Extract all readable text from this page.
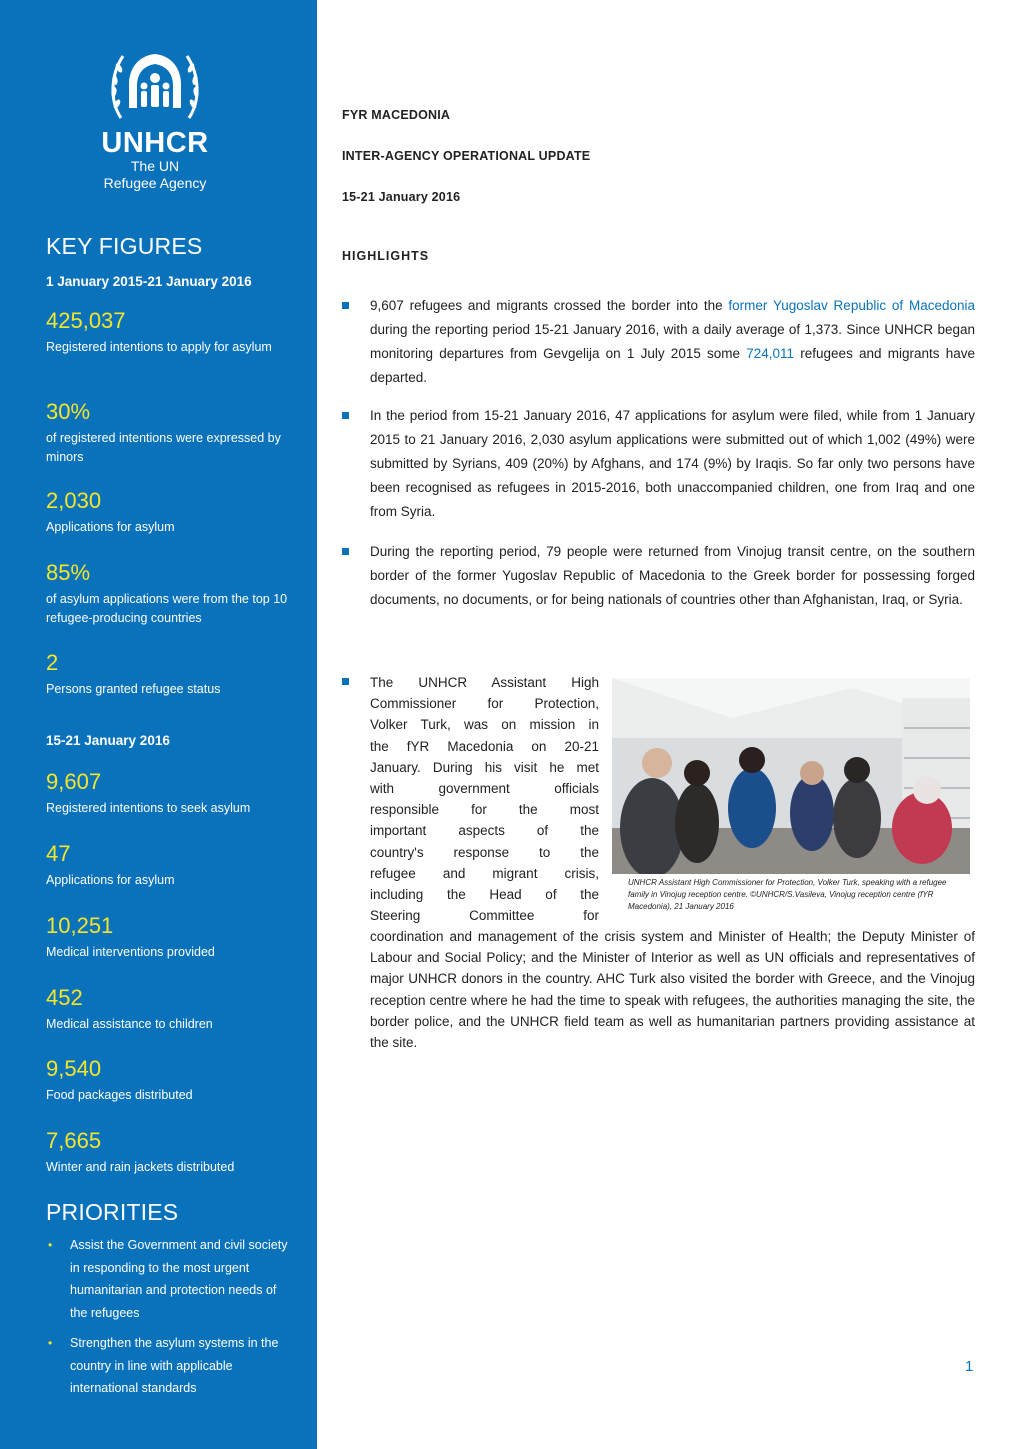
UNHCR
The UN
Refugee Agency
KEY FIGURES
1 January 2015-21 January 2016
425,037
Registered intentions to apply for asylum
30%
of registered intentions were expressed by minors
2,030
Applications for asylum
85%
of asylum applications were from the top 10 refugee-producing countries
2
Persons granted refugee status
15-21 January 2016
9,607
Registered intentions to seek asylum
47
Applications for asylum
10,251
Medical interventions provided
452
Medical assistance to children
9,540
Food packages distributed
7,665
Winter and rain jackets distributed
PRIORITIES
• Assist the Government and civil society in responding to the most urgent humanitarian and protection needs of the refugees
• Strengthen the asylum systems in the country in line with applicable international standards
FYR MACEDONIA
INTER-AGENCY OPERATIONAL UPDATE
15-21 January 2016
HIGHLIGHTS

9,607 refugees and migrants crossed the border into the former Yugoslav Republic of Macedonia during the reporting period 15-21 January 2016, with a daily average of 1,373. Since UNHCR began monitoring departures from Gevgelija on 1 July 2015 some 724,011 refugees and migrants have departed.

In the period from 15-21 January 2016, 47 applications for asylum were filed, while from 1 January 2015 to 21 January 2016, 2,030 asylum applications were submitted out of which 1,002 (49%) were submitted by Syrians, 409 (20%) by Afghans, and 174 (9%) by Iraqis. So far only two persons have been recognised as refugees in 2015-2016, both unaccompanied children, one from Iraq and one from Syria.

During the reporting period, 79 people were returned from Vinojug transit centre, on the southern border of the former Yugoslav Republic of Macedonia to the Greek border for possessing forged documents, no documents, or for being nationals of countries other than Afghanistan, Iraq, or Syria.

The UNHCR Assistant High
Commissioner for Protection,
Volker Turk, was on mission in
the fYR Macedonia on 20-21
January. During his visit he met
with government officials
responsible for the most
important aspects of the
country's response to the
refugee and migrant crisis,
including the Head of the
Steering Committee for
coordination and management of the crisis system and Minister of Health; the Deputy Minister of Labour and Social Policy; and the Minister of Interior as well as UN officials and representatives of major UNHCR donors in the country. AHC Turk also visited the border with Greece, and the Vinojug reception centre where he had the time to speak with refugees, the authorities managing the site, the border police, and the UNHCR field team as well as humanitarian partners providing assistance at the site.
UNHCR Assistant High Commissioner for Protection, Volker Turk, speaking with a refugee family in Vinojug reception centre. ©UNHCR/S.Vasileva, Vinojug reception centre (fYR Macedonia), 21 January 2016
1
